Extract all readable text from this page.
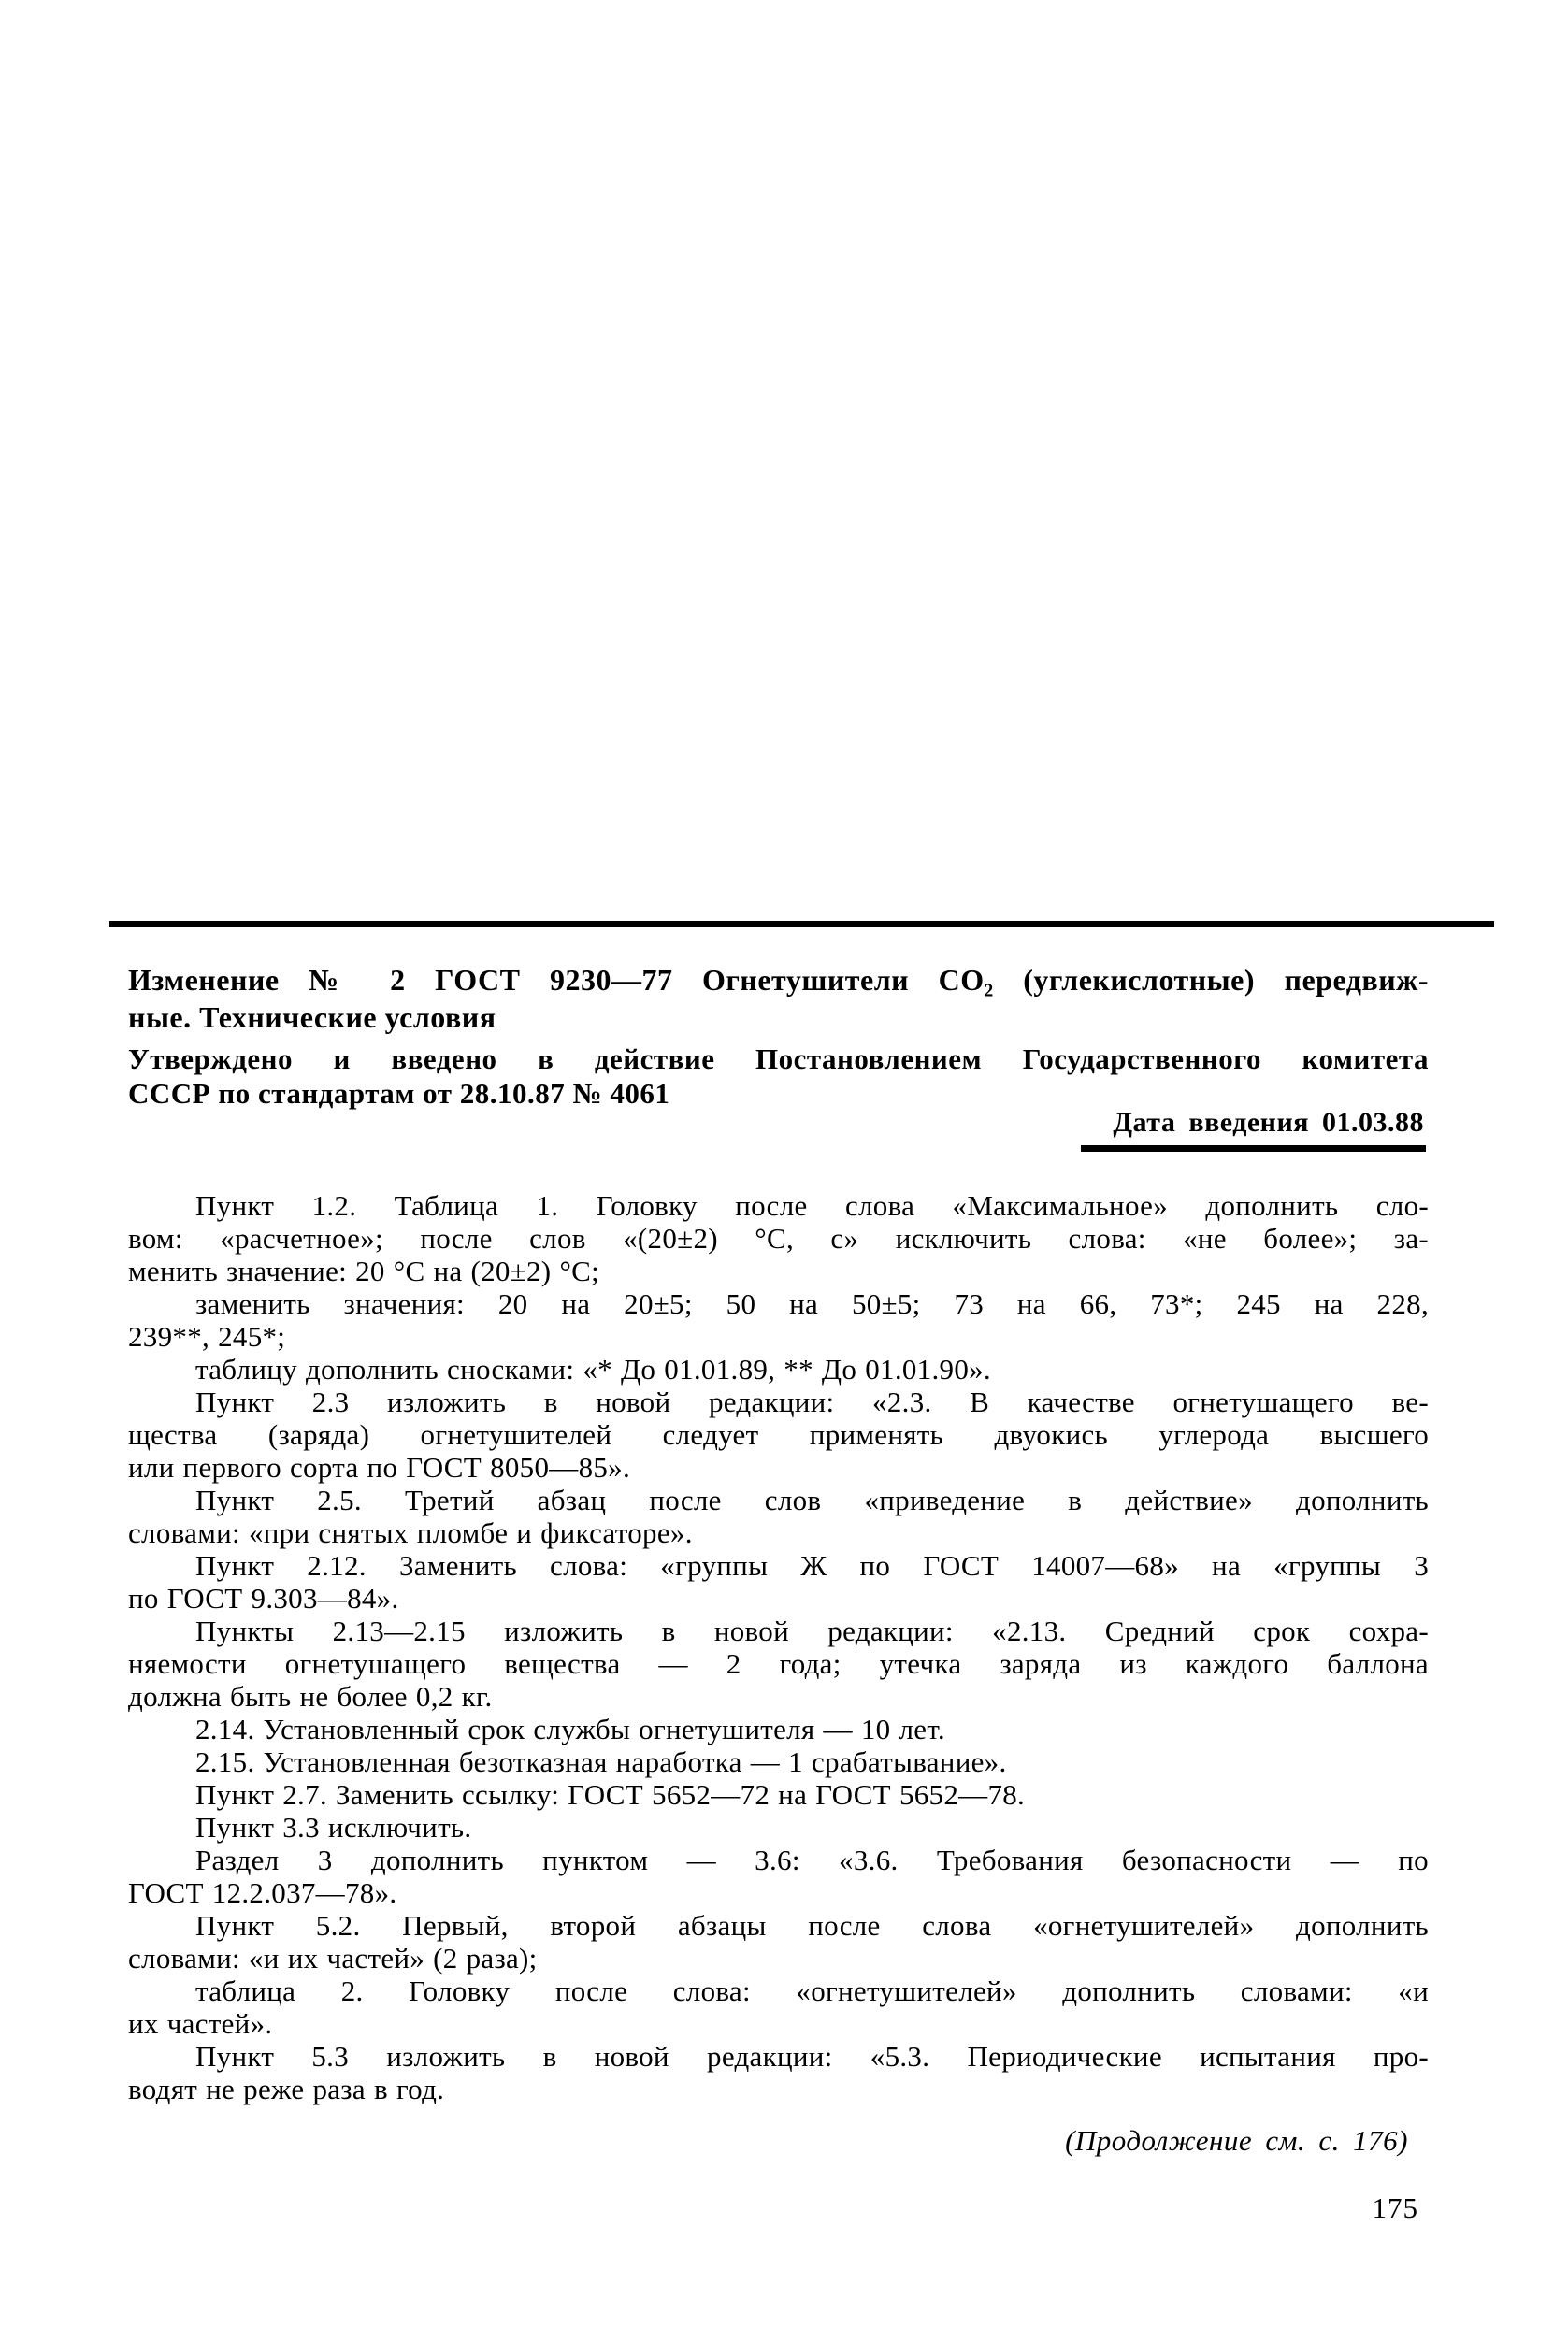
Изменение № 2 ГОСТ 9230—77 Огнетушители СО₂ (углекислотные) передвиж-
ные. Технические условия
Утверждено и введено в действие Постановлением Государственного комитета
СССР по стандартам от 28.10.87 № 4061
Дата введения 01.03.88
Пункт 1.2. Таблица 1. Головку после слова «Максимальное» дополнить сло-
вом: «расчетное»; после слов «(20±2) °С, с» исключить слова: «не более»; за-
менить значение: 20 °С на (20±2) °С;
заменить значения: 20 на 20±5; 50 на 50±5; 73 на 66, 73*; 245 на 228,
239**, 245*;
таблицу дополнить сносками: «* До 01.01.89, ** До 01.01.90».
Пункт 2.3 изложить в новой редакции: «2.3. В качестве огнетушащего ве-
щества (заряда) огнетушителей следует применять двуокись углерода высшего
или первого сорта по ГОСТ 8050—85».
Пункт 2.5. Третий абзац после слов «приведение в действие» дополнить
словами: «при снятых пломбе и фиксаторе».
Пункт 2.12. Заменить слова: «группы Ж по ГОСТ 14007—68» на «группы 3
по ГОСТ 9.303—84».
Пункты 2.13—2.15 изложить в новой редакции: «2.13. Средний срок сохра-
няемости огнетушащего вещества — 2 года; утечка заряда из каждого баллона
должна быть не более 0,2 кг.
2.14. Установленный срок службы огнетушителя — 10 лет.
2.15. Установленная безотказная наработка — 1 срабатывание».
Пункт 2.7. Заменить ссылку: ГОСТ 5652—72 на ГОСТ 5652—78.
Пункт 3.3 исключить.
Раздел 3 дополнить пунктом — 3.6: «3.6. Требования безопасности — по
ГОСТ 12.2.037—78».
Пункт 5.2. Первый, второй абзацы после слова «огнетушителей» дополнить
словами: «и их частей» (2 раза);
таблица 2. Головку после слова: «огнетушителей» дополнить словами: «и
их частей».
Пункт 5.3 изложить в новой редакции: «5.3. Периодические испытания про-
водят не реже раза в год.
(Продолжение см. с. 176)
175
